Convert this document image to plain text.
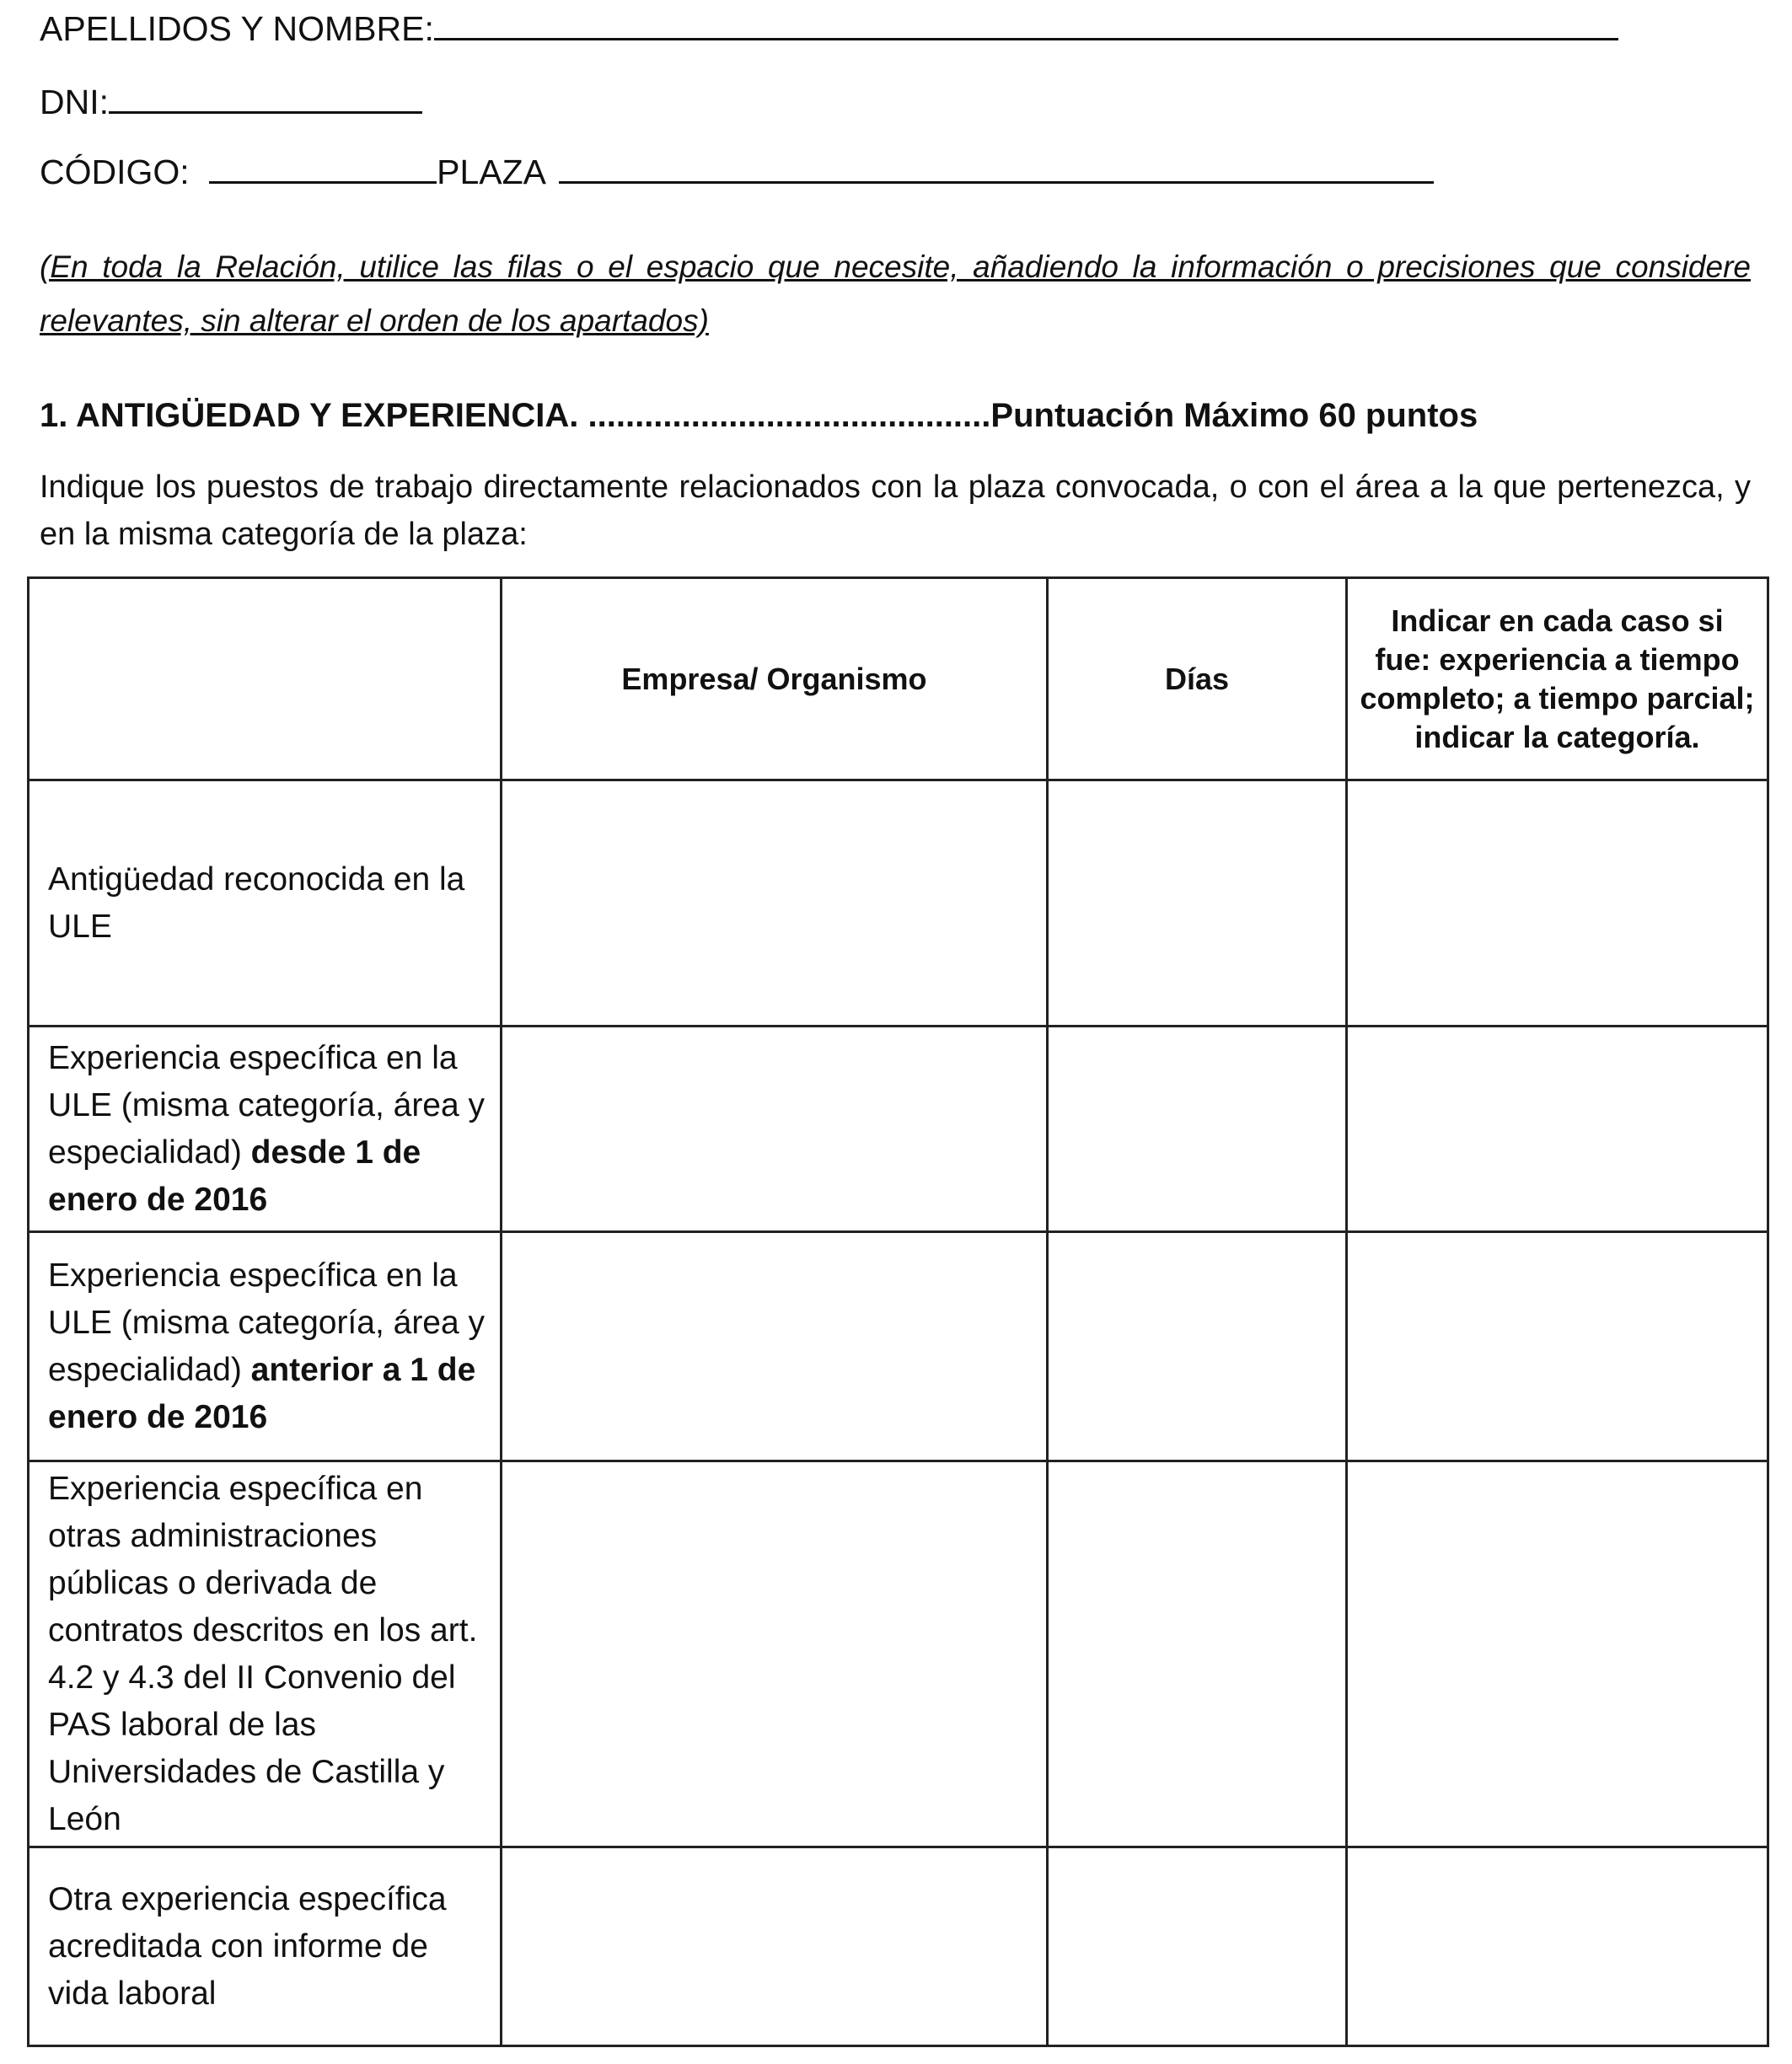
APELLIDOS Y NOMBRE:
DNI:
CÓDIGO:	PLAZA
(En toda la Relación, utilice las filas o el espacio que necesite, añadiendo la información o precisiones que considere relevantes, sin alterar el orden de los apartados)
1. ANTIGÜEDAD Y EXPERIENCIA. ...........................................Puntuación Máximo 60 puntos
Indique los puestos de trabajo directamente relacionados con la plaza convocada, o con el área a la que pertenezca, y en la misma categoría de la plaza:
	Empresa/ Organismo	Días	Indicar en cada caso si fue: experiencia a tiempo completo; a tiempo parcial; indicar la categoría.
Antigüedad reconocida en la ULE			
Experiencia específica en la ULE (misma categoría, área y especialidad) desde 1 de enero de 2016			
Experiencia específica en la ULE (misma categoría, área y especialidad) anterior a 1 de enero de 2016			
Experiencia específica en otras administraciones públicas o derivada de contratos descritos en los art. 4.2 y 4.3 del II Convenio del PAS laboral de las Universidades de Castilla y León			
Otra experiencia específica acreditada con informe de vida laboral			
